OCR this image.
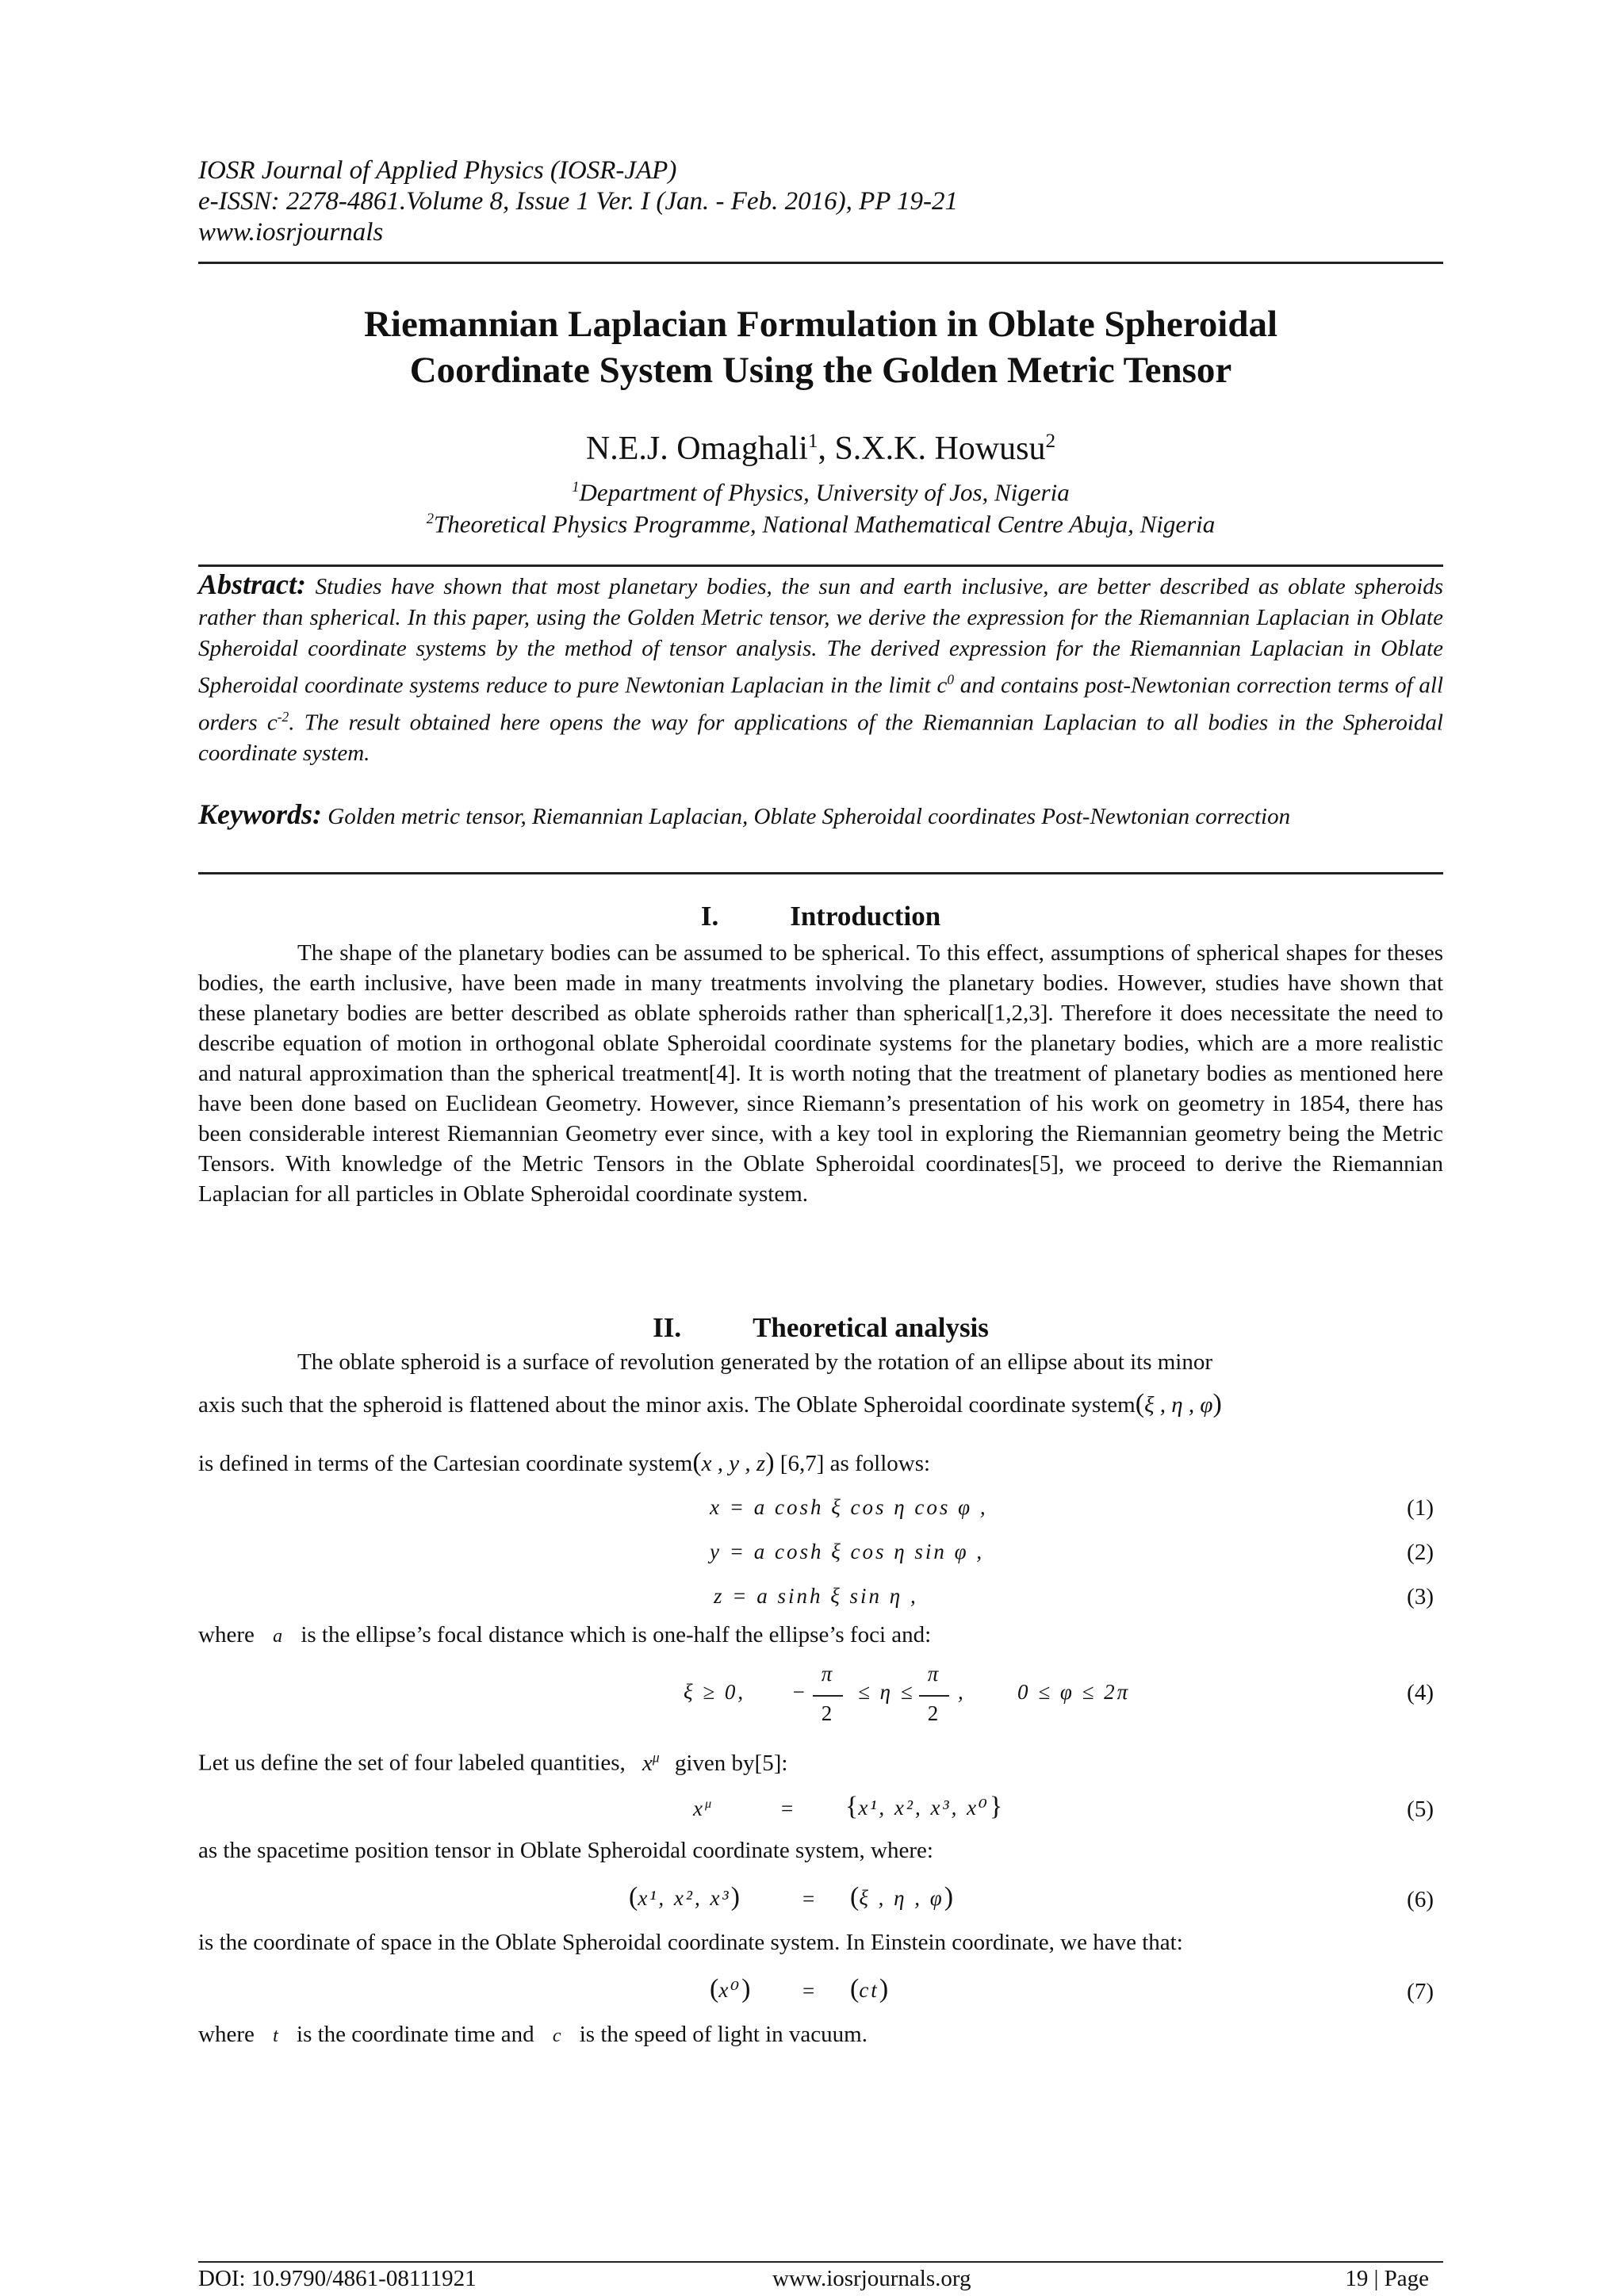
IOSR Journal of Applied Physics (IOSR-JAP)
e-ISSN: 2278-4861.Volume 8, Issue 1 Ver. I (Jan. - Feb. 2016), PP 19-21
www.iosrjournals
Riemannian Laplacian Formulation in Oblate Spheroidal
Coordinate System Using the Golden Metric Tensor
N.E.J. Omaghali$^1$, S.X.K. Howusu$^2$
$^1$Department of Physics, University of Jos, Nigeria
$^2$Theoretical Physics Programme, National Mathematical Centre Abuja, Nigeria
Abstract: Studies have shown that most planetary bodies, the sun and earth inclusive, are better described as oblate spheroids rather than spherical. In this paper, using the Golden Metric tensor, we derive the expression for the Riemannian Laplacian in Oblate Spheroidal coordinate systems by the method of tensor analysis. The derived expression for the Riemannian Laplacian in Oblate Spheroidal coordinate systems reduce to pure Newtonian Laplacian in the limit $c^0$ and contains post-Newtonian correction terms of all orders $c^{-2}$. The result obtained here opens the way for applications of the Riemannian Laplacian to all bodies in the Spheroidal coordinate system.
Keywords: Golden metric tensor, Riemannian Laplacian, Oblate Spheroidal coordinates Post-Newtonian correction
I.	Introduction
The shape of the planetary bodies can be assumed to be spherical. To this effect, assumptions of spherical shapes for theses bodies, the earth inclusive, have been made in many treatments involving the planetary bodies. However, studies have shown that these planetary bodies are better described as oblate spheroids rather than spherical[1,2,3]. Therefore it does necessitate the need to describe equation of motion in orthogonal oblate Spheroidal coordinate systems for the planetary bodies, which are a more realistic and natural approximation than the spherical treatment[4]. It is worth noting that the treatment of planetary bodies as mentioned here have been done based on Euclidean Geometry. However, since Riemann’s presentation of his work on geometry in 1854, there has been considerable interest Riemannian Geometry ever since, with a key tool in exploring the Riemannian geometry being the Metric Tensors. With knowledge of the Metric Tensors in the Oblate Spheroidal coordinates[5], we proceed to derive the Riemannian Laplacian for all particles in Oblate Spheroidal coordinate system.
II.	Theoretical analysis
The oblate spheroid is a surface of revolution generated by the rotation of an ellipse about its minor
axis such that the spheroid is flattened about the minor axis. The Oblate Spheroidal coordinate system(ξ , η , φ)
is defined in terms of the Cartesian coordinate system(x , y , z) [6,7] as follows:
x = a cosh ξ cos η cos φ ,	(1)
y = a cosh ξ cos η sin φ ,	(2)
z = a sinh ξ sin η ,	(3)
where a is the ellipse’s focal distance which is one-half the ellipse’s foci and:
ξ ≥ 0, −
π
2
≤ η ≤
π
2
, 0 ≤ φ ≤ 2π	(4)
Let us define the set of four labeled quantities, $x^\mu$ given by[5]:
$x^\mu$	= {x¹, x², x³, x⁰}	(5)
as the spacetime position tensor in Oblate Spheroidal coordinate system, where:
(x¹, x², x³)	= (ξ , η , φ)	(6)
is the coordinate of space in the Oblate Spheroidal coordinate system. In Einstein coordinate, we have that:
(x⁰) = (ct)	(7)
where t is the coordinate time and c is the speed of light in vacuum.
DOI: 10.9790/4861-08111921	www.iosrjournals.org	19 | Page
